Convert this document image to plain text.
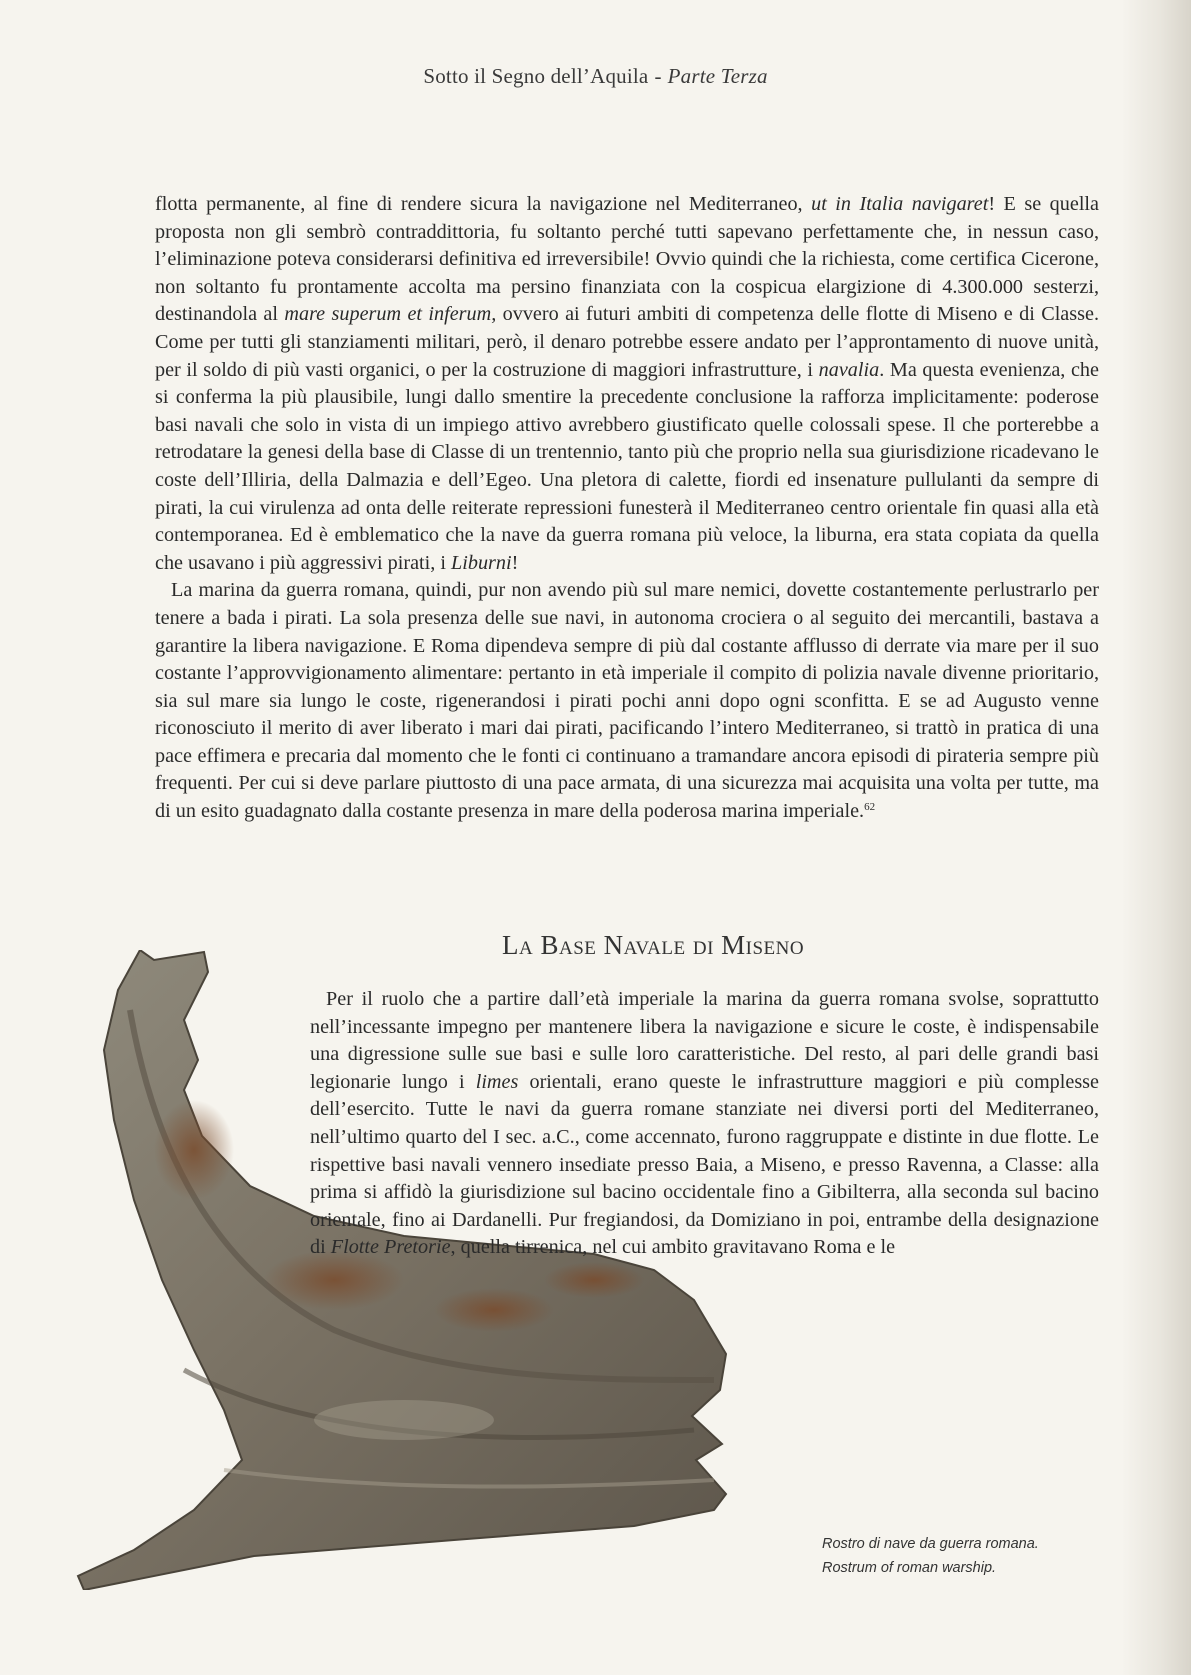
Sotto il Segno dell’Aquila - Parte Terza

flotta permanente, al fine di rendere sicura la navigazione nel Mediterraneo, ut in Italia navigaret! E se quella proposta non gli sembrò contraddittoria, fu soltanto perché tutti sapevano perfettamente che, in nessun caso, l’eliminazione poteva considerarsi definitiva ed irreversibile! Ovvio quindi che la richiesta, come certifica Cicerone, non soltanto fu prontamente accolta ma persino finanziata con la cospicua elargizione di 4.300.000 sesterzi, destinandola al mare superum et inferum, ovvero ai futuri ambiti di competenza delle flotte di Miseno e di Classe. Come per tutti gli stanziamenti militari, però, il denaro potrebbe essere andato per l’approntamento di nuove unità, per il soldo di più vasti organici, o per la costruzione di maggiori infrastrutture, i navalia. Ma questa evenienza, che si conferma la più plausibile, lungi dallo smentire la precedente conclusione la rafforza implicitamente: poderose basi navali che solo in vista di un impiego attivo avrebbero giustificato quelle colossali spese. Il che porterebbe a retrodatare la genesi della base di Classe di un trentennio, tanto più che proprio nella sua giurisdizione ricadevano le coste dell’Illiria, della Dalmazia e dell’Egeo. Una pletora di calette, fiordi ed insenature pullulanti da sempre di pirati, la cui virulenza ad onta delle reiterate repressioni funesterà il Mediterraneo centro orientale fin quasi alla età contemporanea. Ed è emblematico che la nave da guerra romana più veloce, la liburna, era stata copiata da quella che usavano i più aggressivi pirati, i Liburni!

La marina da guerra romana, quindi, pur non avendo più sul mare nemici, dovette costantemente perlustrarlo per tenere a bada i pirati. La sola presenza delle sue navi, in autonoma crociera o al seguito dei mercantili, bastava a garantire la libera navigazione. E Roma dipendeva sempre di più dal costante afflusso di derrate via mare per il suo costante l’approvvigionamento alimentare: pertanto in età imperiale il compito di polizia navale divenne prioritario, sia sul mare sia lungo le coste, rigenerandosi i pirati pochi anni dopo ogni sconfitta. E se ad Augusto venne riconosciuto il merito di aver liberato i mari dai pirati, pacificando l’intero Mediterraneo, si trattò in pratica di una pace effimera e precaria dal momento che le fonti ci continuano a tramandare ancora episodi di pirateria sempre più frequenti. Per cui si deve parlare piuttosto di una pace armata, di una sicurezza mai acquisita una volta per tutte, ma di un esito guadagnato dalla costante presenza in mare della poderosa marina imperiale.$^{62}$

La Base Navale di Miseno

Per il ruolo che a partire dall’età imperiale la marina da guerra romana svolse, soprattutto nell’incessante impegno per mantenere libera la navigazione e sicure le coste, è indispensabile una digressione sulle sue basi e sulle loro caratteristiche. Del resto, al pari delle grandi basi legionarie lungo i limes orientali, erano queste le infrastrutture maggiori e più complesse dell’esercito. Tutte le navi da guerra romane stanziate nei diversi porti del Mediterraneo, nell’ultimo quarto del I sec. a.C., come accennato, furono raggruppate e distinte in due flotte. Le rispettive basi navali vennero insediate presso Baia, a Miseno, e presso Ravenna, a Classe: alla prima si affidò la giurisdizione sul bacino occidentale fino a Gibilterra, alla seconda sul bacino orientale, fino ai Dardanelli. Pur fregiandosi, da Domiziano in poi, entrambe della designazione di Flotte Pretorie, quella tirrenica, nel cui ambito gravitavano Roma e le

Rostro di nave da guerra romana.
Rostrum of roman warship.
